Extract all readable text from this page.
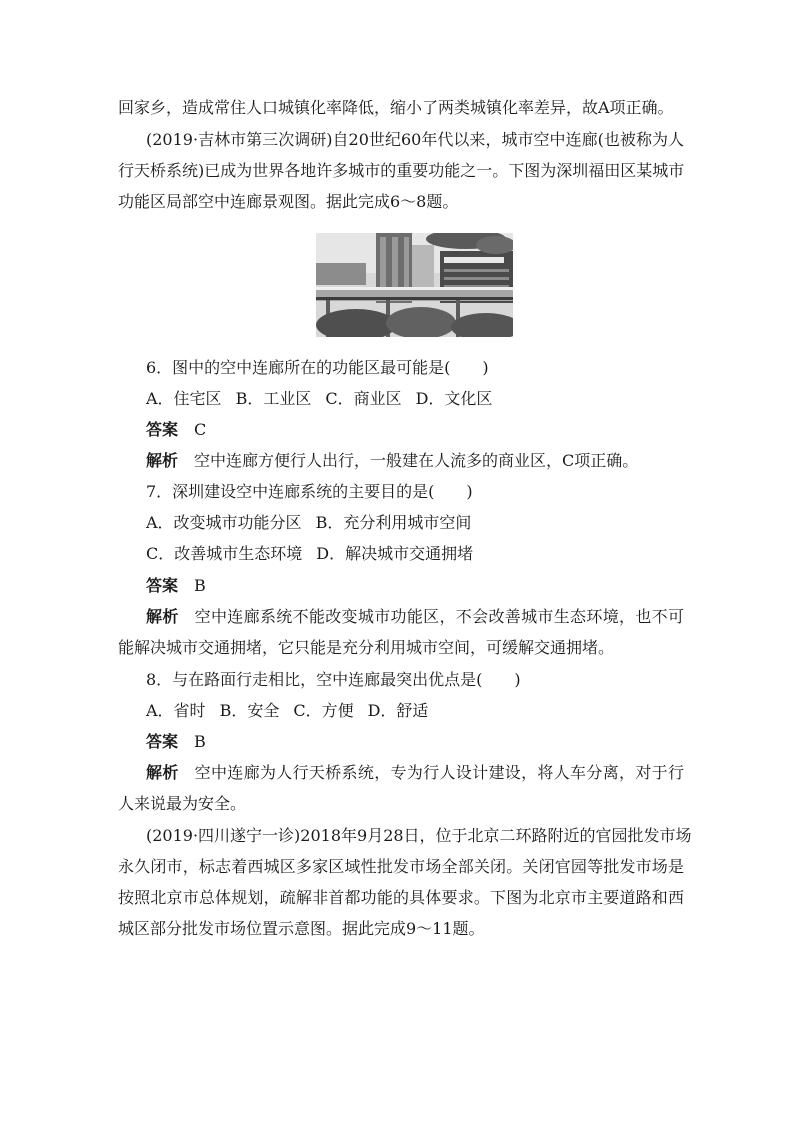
回家乡，造成常住人口城镇化率降低，缩小了两类城镇化率差异，故A项正确。
(2019·吉林市第三次调研)自20世纪60年代以来，城市空中连廊(也被称为人
行天桥系统)已成为世界各地许多城市的重要功能之一。下图为深圳福田区某城市
功能区局部空中连廊景观图。据此完成6～8题。
6．图中的空中连廊所在的功能区最可能是(　　)
A．住宅区 B．工业区 C．商业区 D．文化区
答案 C
解析 空中连廊方便行人出行，一般建在人流多的商业区，C项正确。
7．深圳建设空中连廊系统的主要目的是(　　)
A．改变城市功能分区 B．充分利用城市空间
C．改善城市生态环境 D．解决城市交通拥堵
答案 B
解析 空中连廊系统不能改变城市功能区，不会改善城市生态环境，也不可
能解决城市交通拥堵，它只能是充分利用城市空间，可缓解交通拥堵。
8．与在路面行走相比，空中连廊最突出优点是(　　)
A．省时 B．安全 C．方便 D．舒适
答案 B
解析 空中连廊为人行天桥系统，专为行人设计建设，将人车分离，对于行
人来说最为安全。
(2019·四川遂宁一诊)2018年9月28日，位于北京二环路附近的官园批发市场
永久闭市，标志着西城区多家区域性批发市场全部关闭。关闭官园等批发市场是
按照北京市总体规划，疏解非首都功能的具体要求。下图为北京市主要道路和西
城区部分批发市场位置示意图。据此完成9～11题。
